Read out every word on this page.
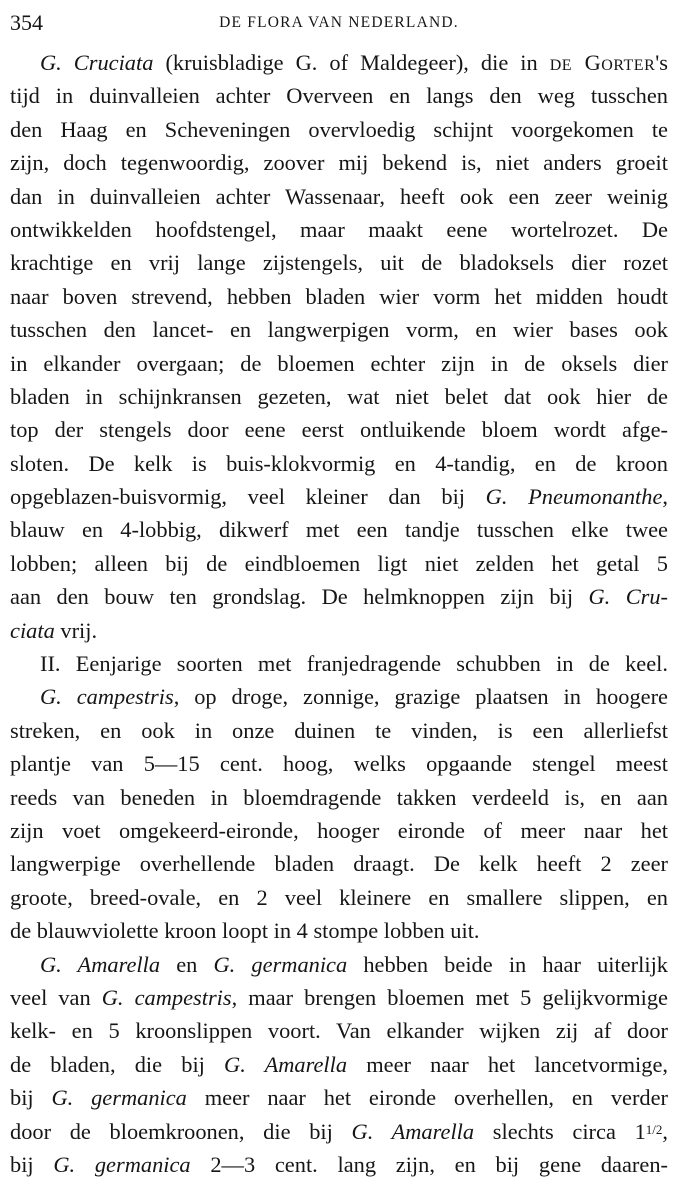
354	DE FLORA VAN NEDERLAND.
G. Cruciata (kruisbladige G. of Maldegeer), die in de Gorter's
tijd in duinvalleien achter Overveen en langs den weg tusschen
den Haag en Scheveningen overvloedig schijnt voorgekomen te
zijn, doch tegenwoordig, zoover mij bekend is, niet anders groeit
dan in duinvalleien achter Wassenaar, heeft ook een zeer weinig
ontwikkelden hoofdstengel, maar maakt eene wortelrozet. De
krachtige en vrij lange zijstengels, uit de bladoksels dier rozet
naar boven strevend, hebben bladen wier vorm het midden houdt
tusschen den lancet- en langwerpigen vorm, en wier bases ook
in elkander overgaan; de bloemen echter zijn in de oksels dier
bladen in schijnkransen gezeten, wat niet belet dat ook hier de
top der stengels door eene eerst ontluikende bloem wordt afge-
sloten. De kelk is buis-klokvormig en 4-tandig, en de kroon
opgeblazen-buisvormig, veel kleiner dan bij G. Pneumonanthe,
blauw en 4-lobbig, dikwerf met een tandje tusschen elke twee
lobben; alleen bij de eindbloemen ligt niet zelden het getal 5
aan den bouw ten grondslag. De helmknoppen zijn bij G. Cru-
ciata vrij.
II. Eenjarige soorten met franjedragende schubben in de keel.
G. campestris, op droge, zonnige, grazige plaatsen in hoogere
streken, en ook in onze duinen te vinden, is een allerliefst
plantje van 5—15 cent. hoog, welks opgaande stengel meest
reeds van beneden in bloemdragende takken verdeeld is, en aan
zijn voet omgekeerd-eironde, hooger eironde of meer naar het
langwerpige overhellende bladen draagt. De kelk heeft 2 zeer
groote, breed-ovale, en 2 veel kleinere en smallere slippen, en
de blauwviolette kroon loopt in 4 stompe lobben uit.
G. Amarella en G. germanica hebben beide in haar uiterlijk
veel van G. campestris, maar brengen bloemen met 5 gelijkvormige
kelk- en 5 kroonslippen voort. Van elkander wijken zij af door
de bladen, die bij G. Amarella meer naar het lancetvormige,
bij G. germanica meer naar het eironde overhellen, en verder
door de bloemkroonen, die bij G. Amarella slechts circa 11/2,
bij G. germanica 2—3 cent. lang zijn, en bij gene daaren-
